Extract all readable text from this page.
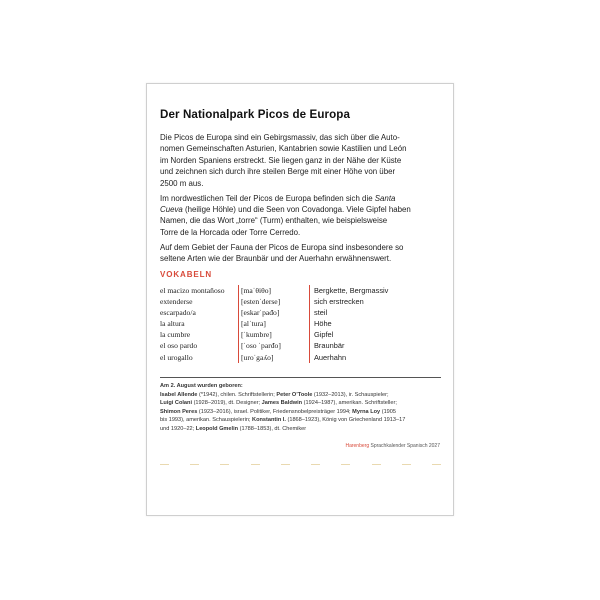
Der Nationalpark Picos de Europa

Die Picos de Europa sind ein Gebirgsmassiv, das sich über die Auto-
nomen Gemeinschaften Asturien, Kantabrien sowie Kastilien und León
im Norden Spaniens erstreckt. Sie liegen ganz in der Nähe der Küste
und zeichnen sich durch ihre steilen Berge mit einer Höhe von über
2500 m aus.

Im nordwestlichen Teil der Picos de Europa befinden sich die Santa
Cueva (heilige Höhle) und die Seen von Covadonga. Viele Gipfel haben
Namen, die das Wort „torre“ (Turm) enthalten, wie beispielsweise
Torre de la Horcada oder Torre Cerredo.

Auf dem Gebiet der Fauna der Picos de Europa sind insbesondere so
seltene Arten wie der Braunbär und der Auerhahn erwähnenswert.

VOKABELN
el macizo montañoso	[maˈθiθo]	Bergkette, Bergmassiv
extenderse	[estenˈderse]	sich erstrecken
escarpado/a	[eskarˈpaᵭo]	steil
la altura	[alˈtura]	Höhe
la cumbre	[ˈkumbre]	Gipfel
el oso pardo	[ˈoso ˈparᵭo]	Braunbär
el urogallo	[uroˈgaʎo]	Auerhahn
Am 2. August wurden geboren:
Isabel Allende (*1942), chilen. Schriftstellerin; Peter O’Toole (1932–2013), ir. Schauspieler;
Luigi Colani (1928–2019), dt. Designer; James Baldwin (1924–1987), amerikan. Schriftsteller;
Shimon Peres (1923–2016), israel. Politiker, Friedensnobelpreisträger 1994; Myrna Loy (1905
bis 1993), amerikan. Schauspielerin; Konstantin I. (1868–1923), König von Griechenland 1913–17
und 1920–22; Leopold Gmelin (1788–1853), dt. Chemiker
Harenberg Sprachkalender Spanisch 2027
